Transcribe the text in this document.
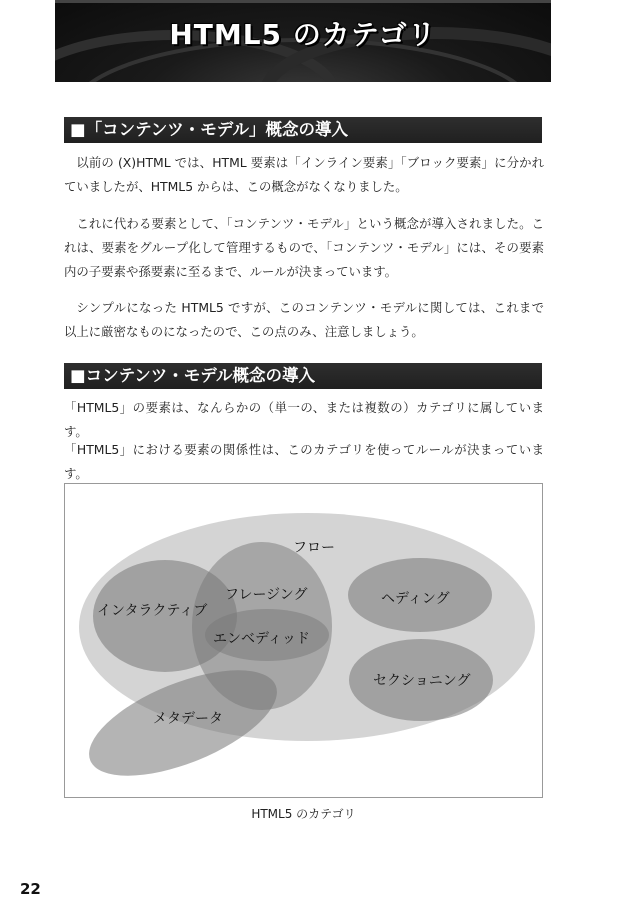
HTML5 のカテゴリ
■「コンテンツ・モデル」概念の導入

以前の (X)HTML では、HTML 要素は「インライン要素」「ブロック要素」に分かれていましたが、HTML5 からは、この概念がなくなりました。

これに代わる要素として、「コンテンツ・モデル」という概念が導入されました。これは、要素をグループ化して管理するもので、「コンテンツ・モデル」には、その要素内の子要素や孫要素に至るまで、ルールが決まっています。

シンプルになった HTML5 ですが、このコンテンツ・モデルに関しては、これまで以上に厳密なものになったので、この点のみ、注意しましょう。

■コンテンツ・モデル概念の導入

「HTML5」の要素は、なんらかの（単一の、または複数の）カテゴリに属しています。

「HTML5」における要素の関係性は、このカテゴリを使ってルールが決まっています。

フロー
インタラクティブ
フレージング
エンベディッド
ヘディング
セクショニング
メタデータ
HTML5 のカテゴリ
22
